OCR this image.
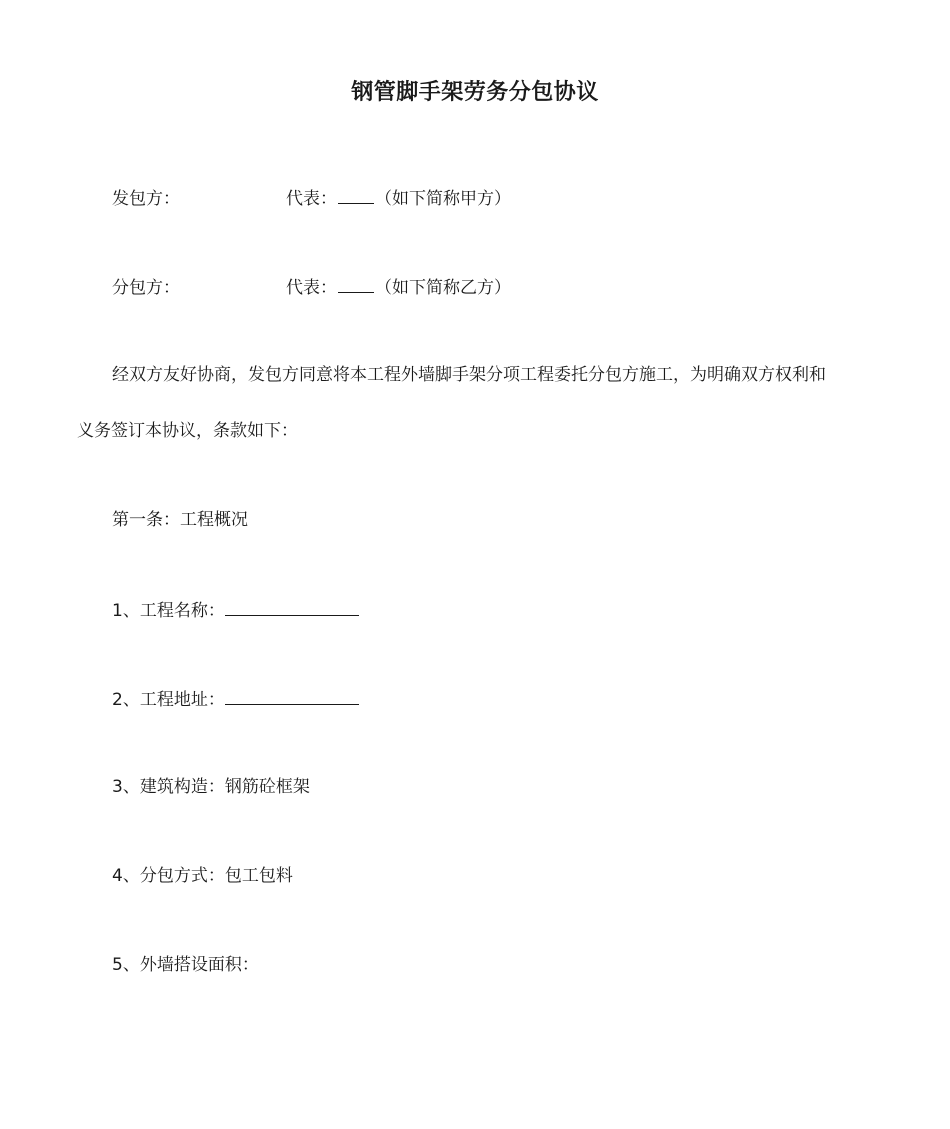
钢管脚手架劳务分包协议
发包方：	代表： （如下简称甲方）
分包方：	代表： （如下简称乙方）
经双方友好协商，发包方同意将本工程外墙脚手架分项工程委托分包方施工，为明确双方权利和
义务签订本协议，条款如下：
第一条：工程概况
1、工程名称：
2、工程地址：
3、建筑构造：钢筋砼框架
4、分包方式：包工包料
5、外墙搭设面积：
